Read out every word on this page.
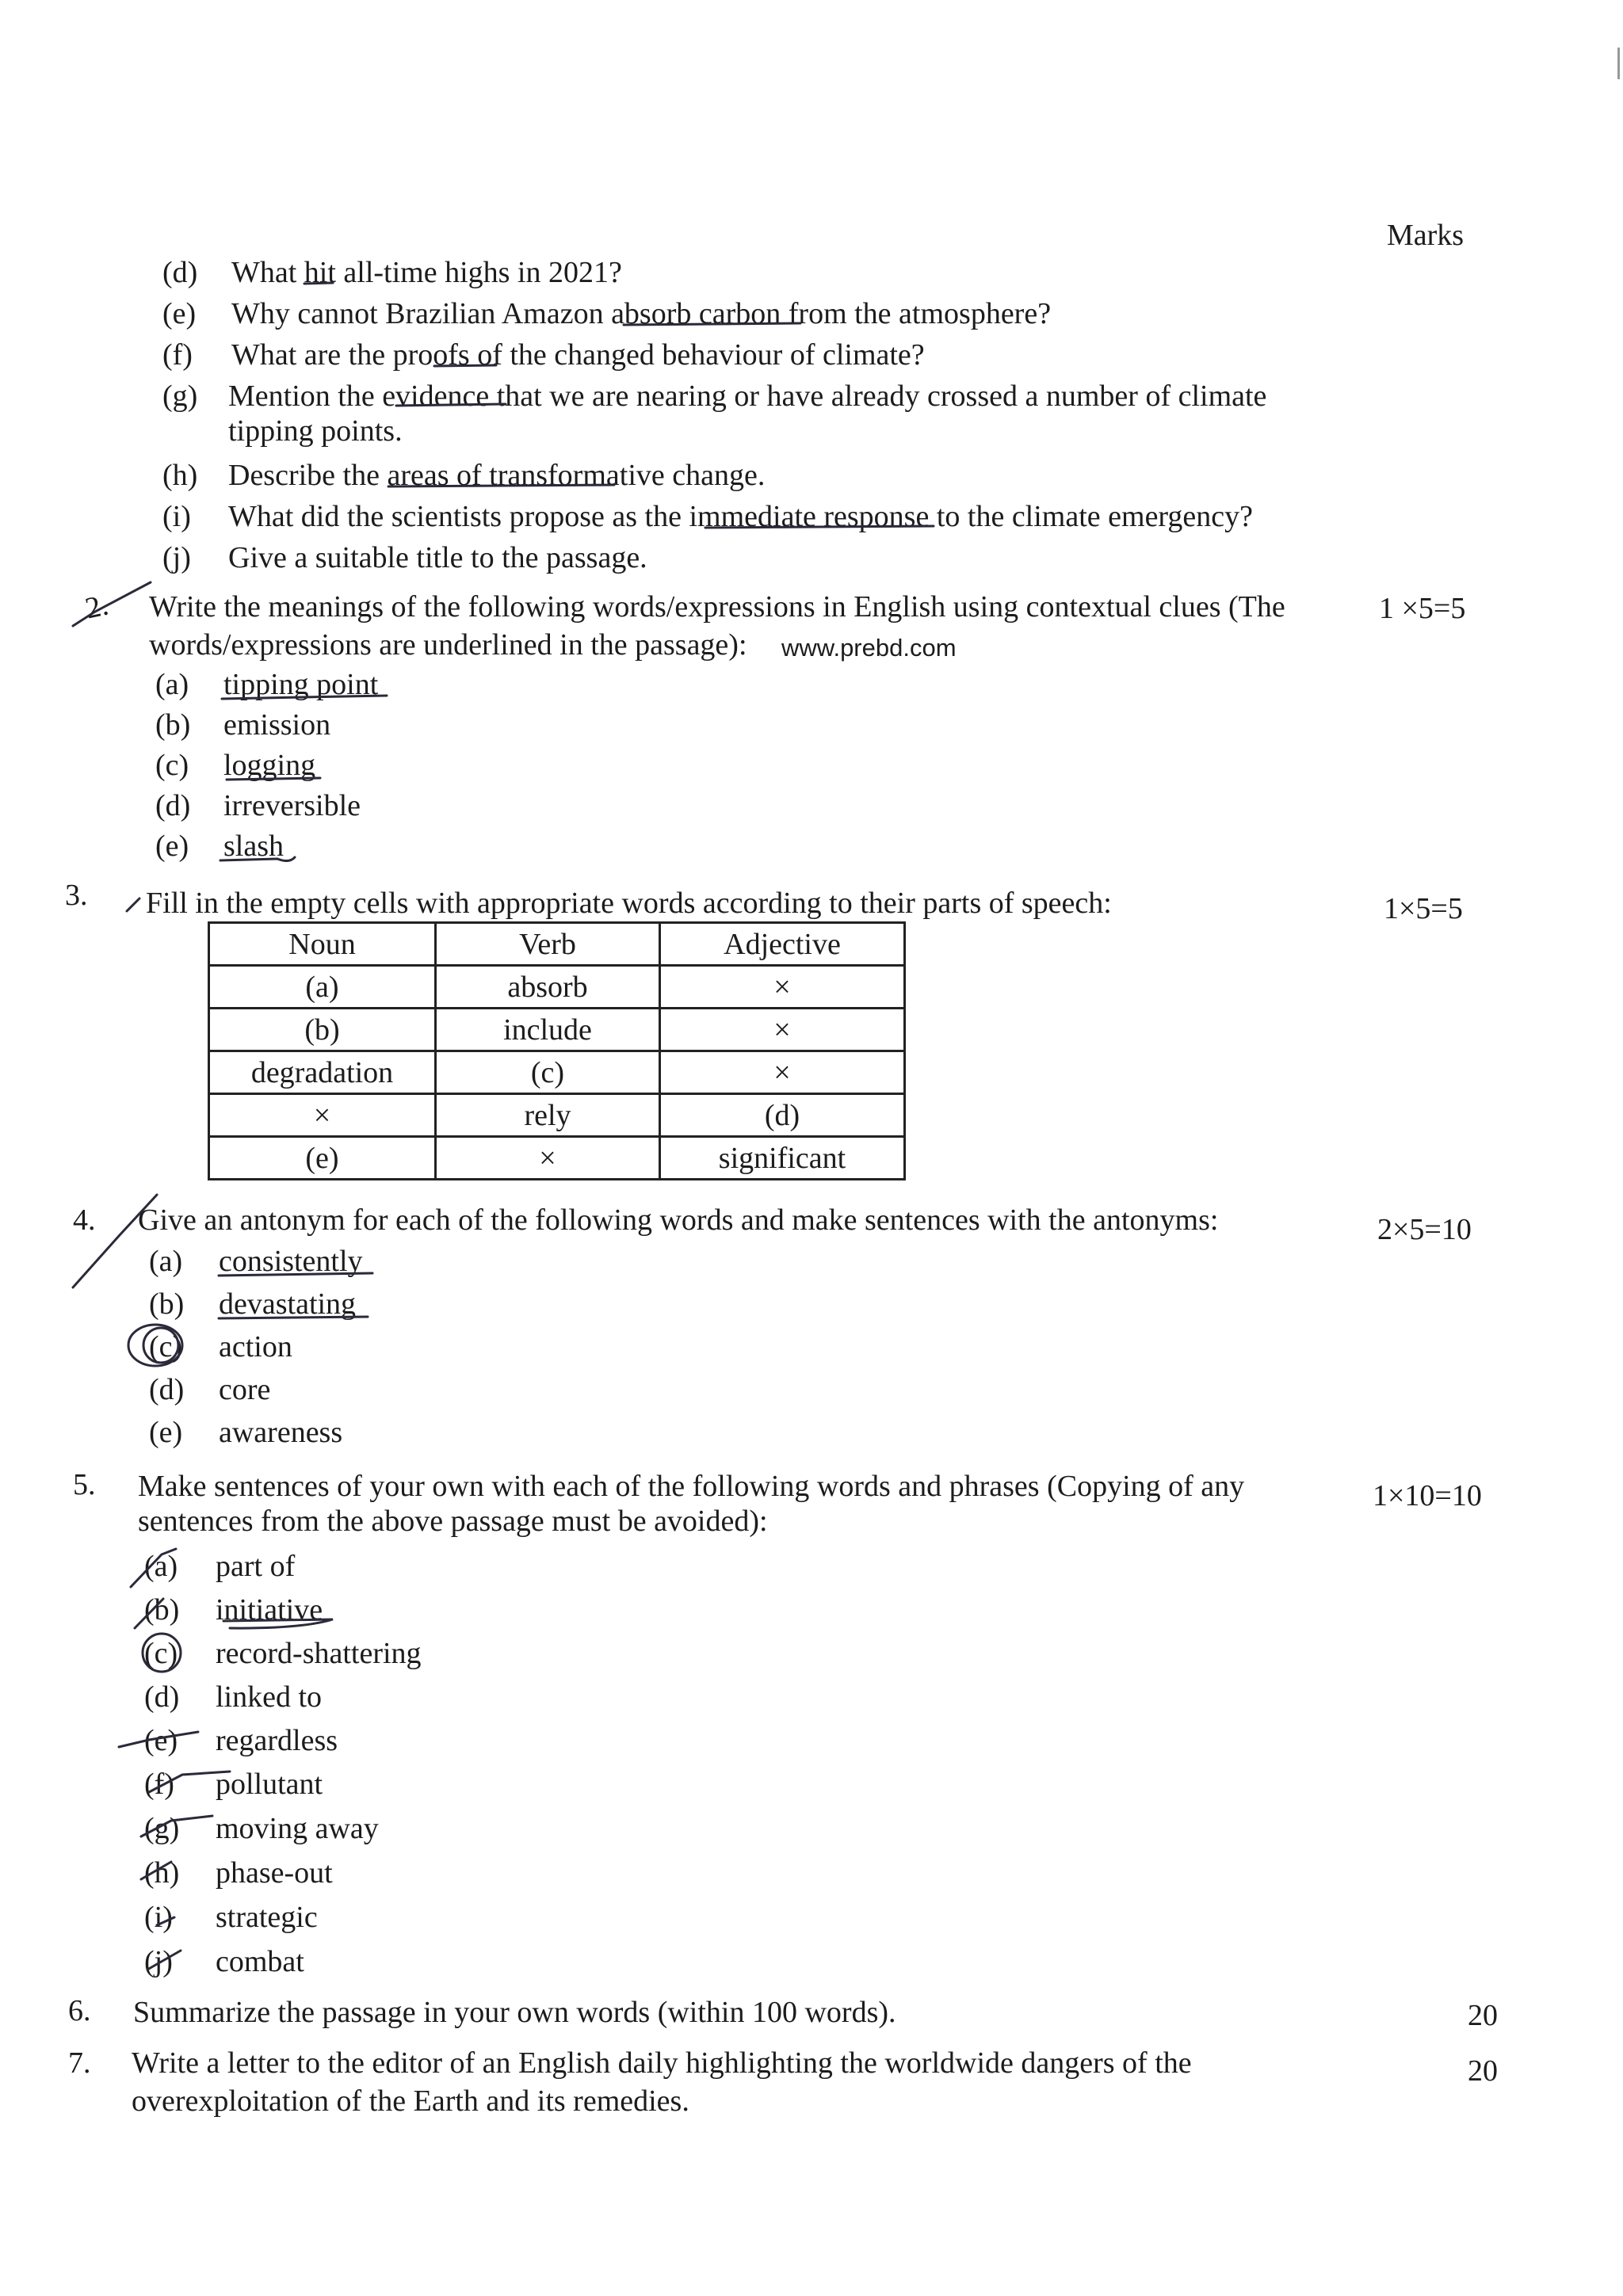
Marks
(d) What hit all-time highs in 2021?
(e) Why cannot Brazilian Amazon absorb carbon from the atmosphere?
(f) What are the proofs of the changed behaviour of climate?
(g) Mention the evidence that we are nearing or have already crossed a number of climate
tipping points.
(h) Describe the areas of transformative change.
(i) What did the scientists propose as the immediate response to the climate emergency?
(j) Give a suitable title to the passage.
2. Write the meanings of the following words/expressions in English using contextual clues (The	1 ×5=5
words/expressions are underlined in the passage): www.prebd.com
(a) tipping point
(b) emission
(c) logging
(d) irreversible
(e) slash
3. Fill in the empty cells with appropriate words according to their parts of speech:	1×5=5
Noun	Verb	Adjective
(a)	absorb	×
(b)	include	×
degradation	(c)	×
×	rely	(d)
(e)	×	significant
4. Give an antonym for each of the following words and make sentences with the antonyms:	2×5=10
(a) consistently
(b) devastating
(c) action
(d) core
(e) awareness
5. Make sentences of your own with each of the following words and phrases (Copying of any	1×10=10
sentences from the above passage must be avoided):
(a) part of
(b) initiative
(c) record-shattering
(d) linked to
(e) regardless
(f) pollutant
(g) moving away
(h) phase-out
(i) strategic
(j) combat
6. Summarize the passage in your own words (within 100 words).	20
7. Write a letter to the editor of an English daily highlighting the worldwide dangers of the	20
overexploitation of the Earth and its remedies.
